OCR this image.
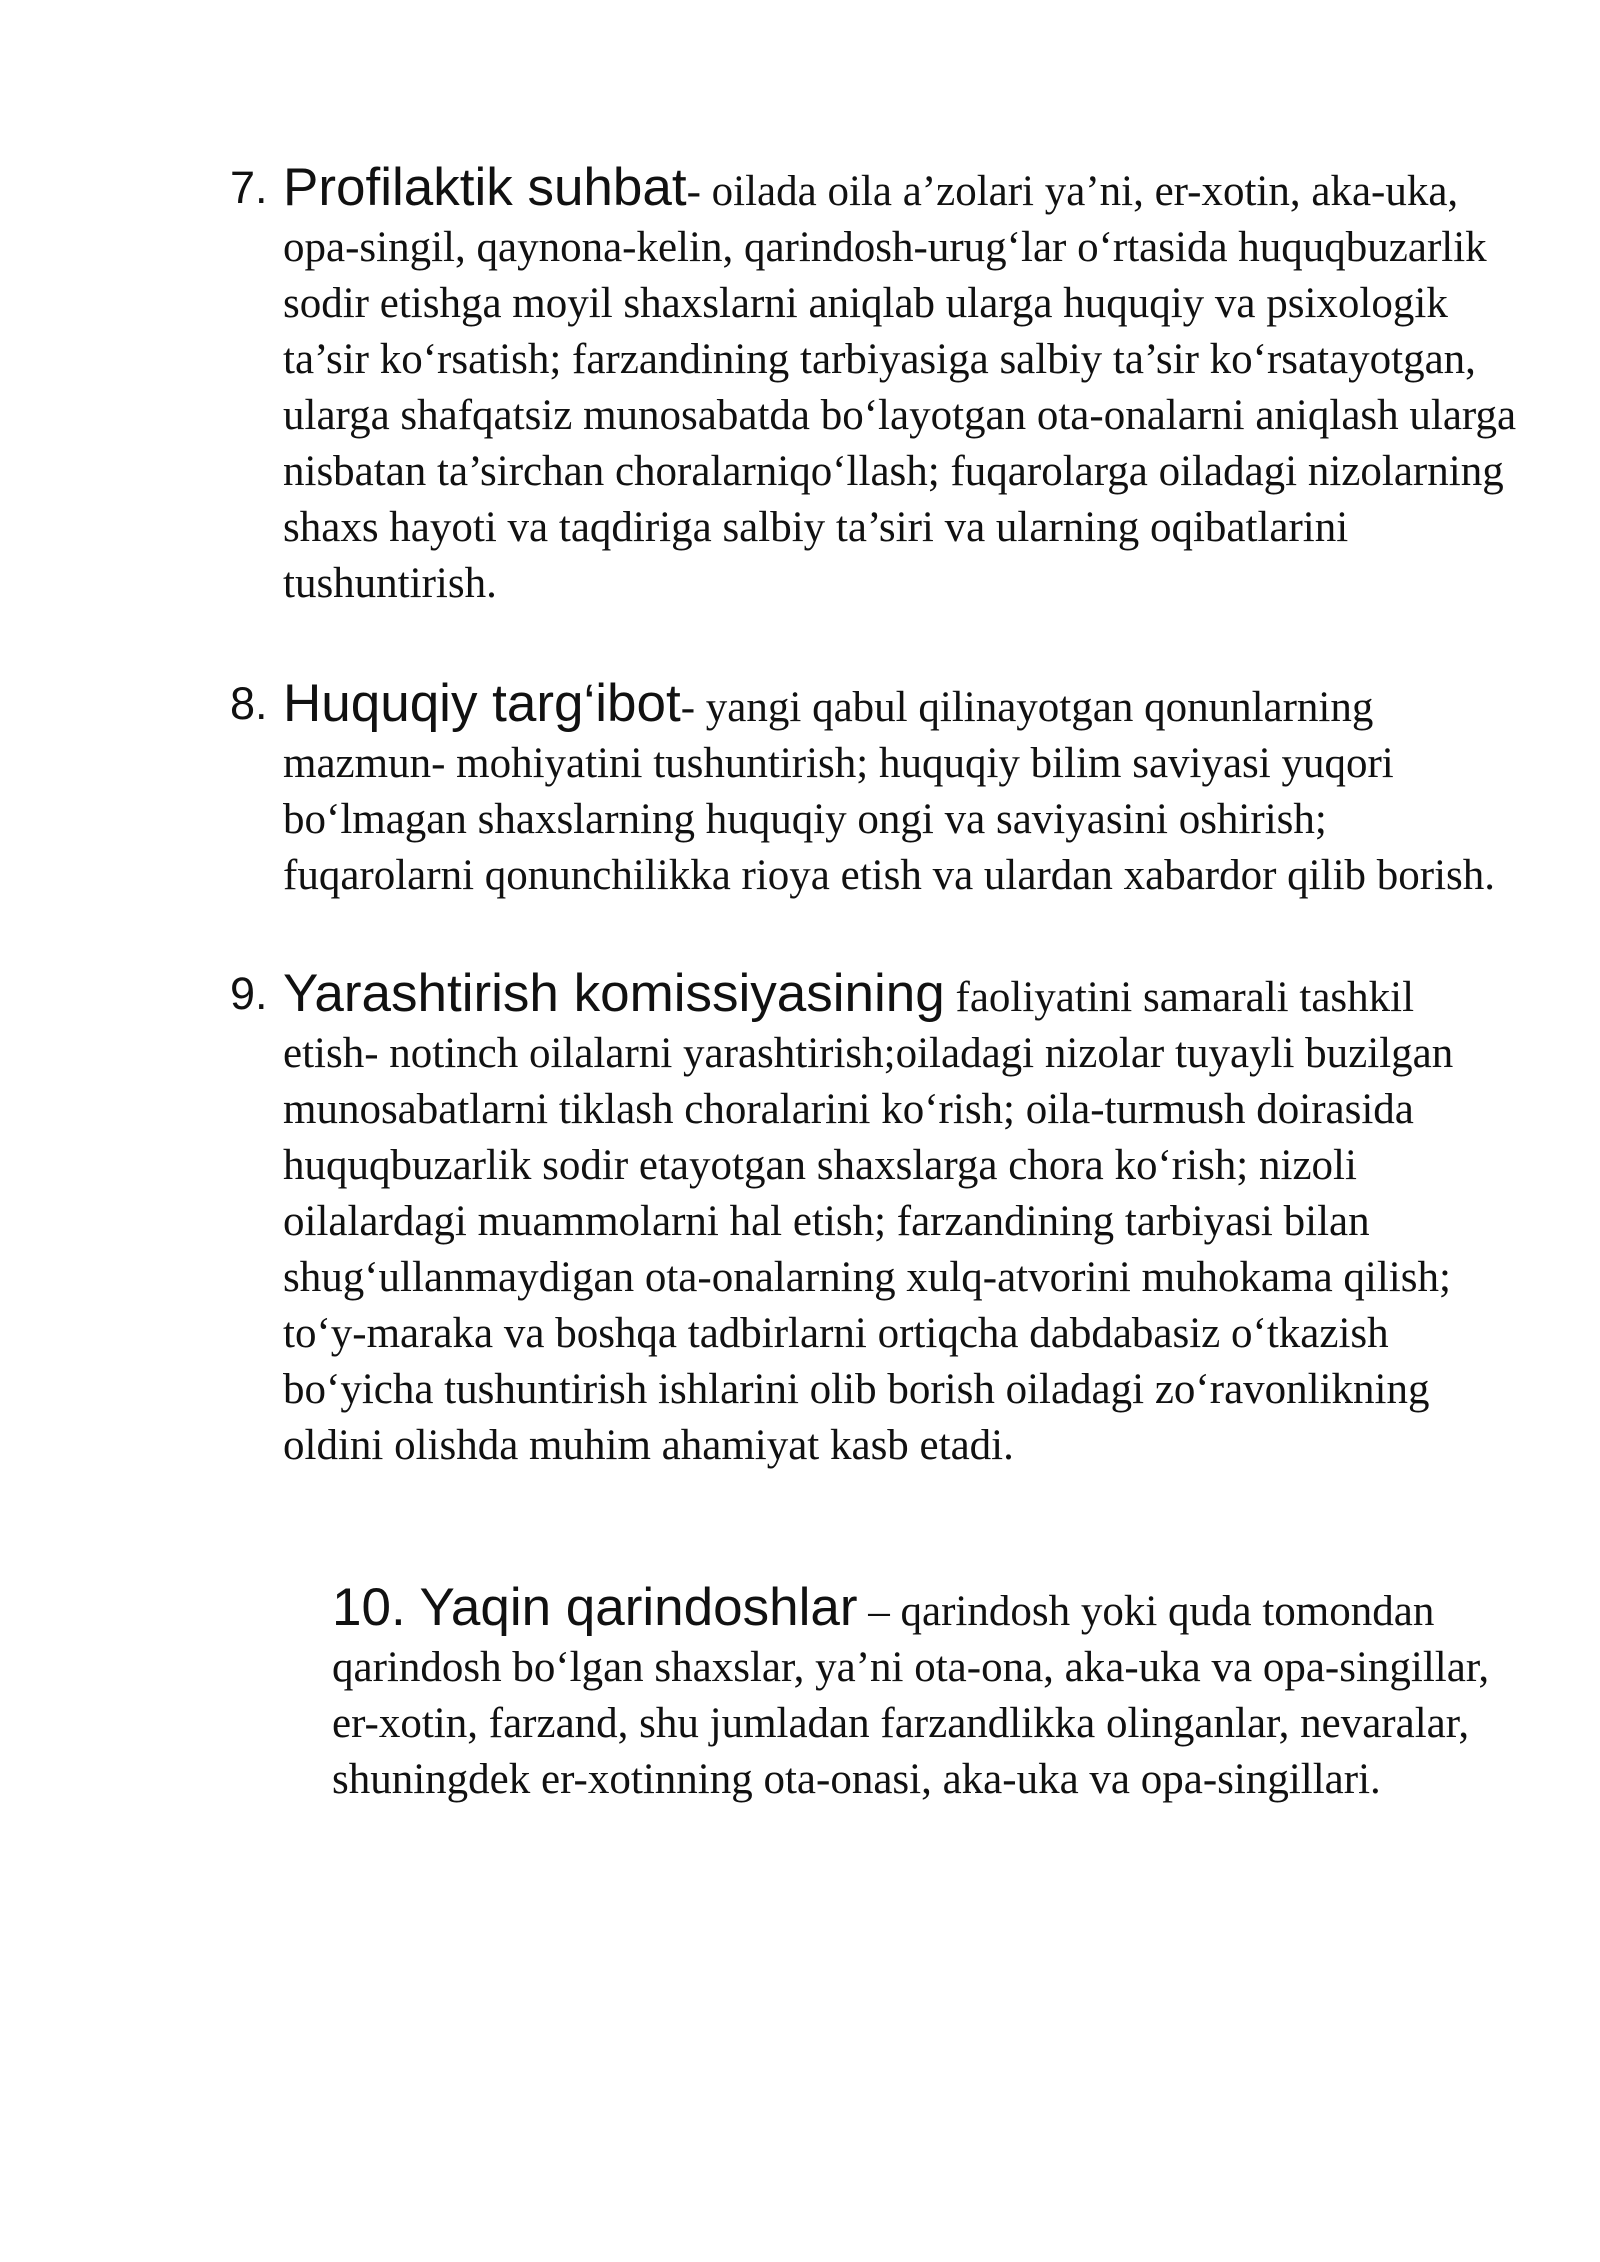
7. Profilaktik suhbat- oilada oila a’zolari ya’ni, er-xotin, aka-uka, opa-singil, qaynona-kelin, qarindosh-urug‘lar o‘rtasida huquqbuzarlik sodir etishga moyil shaxslarni aniqlab ularga huquqiy va psixologik ta’sir ko‘rsatish; farzandining tarbiyasiga salbiy ta’sir ko‘rsatayotgan, ularga shafqatsiz munosabatda bo‘layotgan ota-onalarni aniqlash ularga nisbatan ta’sirchan choralarniqo‘llash; fuqarolarga oiladagi nizolarning shaxs hayoti va taqdiriga salbiy ta’siri va ularning oqibatlarini tushuntirish.
8. Huquqiy targ‘ibot- yangi qabul qilinayotgan qonunlarning mazmun- mohiyatini tushuntirish; huquqiy bilim saviyasi yuqori bo‘lmagan shaxslarning huquqiy ongi va saviyasini oshirish; fuqarolarni qonunchilikka rioya etish va ulardan xabardor qilib borish.
9. Yarashtirish komissiyasining faoliyatini samarali tashkil etish- notinch oilalarni yarashtirish;oiladagi nizolar tuyayli buzilgan munosabatlarni tiklash choralarini ko‘rish; oila-turmush doirasida huquqbuzarlik sodir etayotgan shaxslarga chora ko‘rish; nizoli oilalardagi muammolarni hal etish; farzandining tarbiyasi bilan shug‘ullanmaydigan ota-onalarning xulq-atvorini muhokama qilish; to‘y-maraka va boshqa tadbirlarni ortiqcha dabdabasiz o‘tkazish bo‘yicha tushuntirish ishlarini olib borish oiladagi zo‘ravonlikning oldini olishda muhim ahamiyat kasb etadi.
10. Yaqin qarindoshlar – qarindosh yoki quda tomondan qarindosh bo‘lgan shaxslar, ya’ni ota-ona, aka-uka va opa-singillar, er-xotin, farzand, shu jumladan farzandlikka olinganlar, nevaralar, shuningdek er-xotinning ota-onasi, aka-uka va opa-singillari.
